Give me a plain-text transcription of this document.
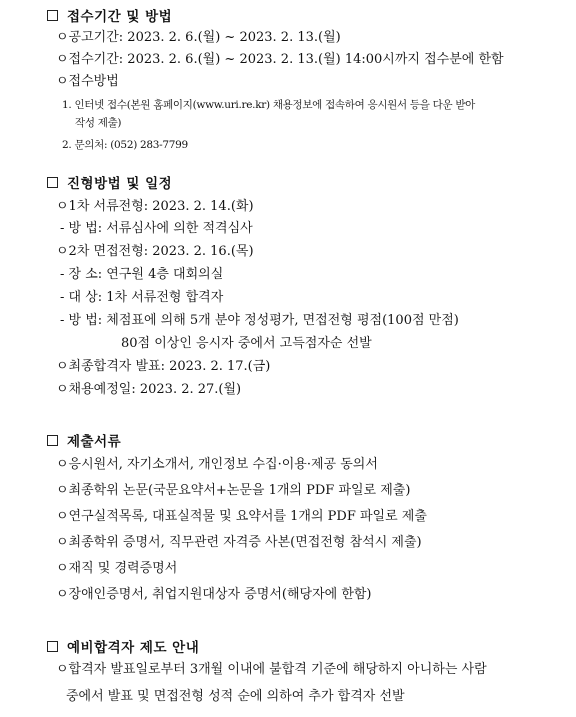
접수기간 및 방법
ㅇ공고기간: 2023. 2. 6.(월) ~ 2023. 2. 13.(월)
ㅇ접수기간: 2023. 2. 6.(월) ~ 2023. 2. 13.(월) 14:00시까지 접수분에 한함
ㅇ접수방법
1. 인터넷 접수(본원 홈페이지(www.uri.re.kr) 채용정보에 접속하여 응시원서 등을 다운 받아
작성 제출)
2. 문의처: (052) 283-7799
진형방법 및 일정
ㅇ1차 서류전형: 2023. 2. 14.(화)
- 방 법: 서류심사에 의한 적격심사
ㅇ2차 면접전형: 2023. 2. 16.(목)
- 장 소: 연구원 4층 대회의실
- 대 상: 1차 서류전형 합격자
- 방 법: 체점표에 의해 5개 분야 정성평가, 면접전형 평점(100점 만점)
80점 이상인 응시자 중에서 고득점자순 선발
ㅇ최종합격자 발표: 2023. 2. 17.(금)
ㅇ채용예정일: 2023. 2. 27.(월)
제출서류
ㅇ응시원서, 자기소개서, 개인정보 수집·이용·제공 동의서
ㅇ최종학위 논문(국문요약서+논문을 1개의 PDF 파일로 제출)
ㅇ연구실적목록, 대표실적물 및 요약서를 1개의 PDF 파일로 제출
ㅇ최종학위 증명서, 직무관련 자격증 사본(면접전형 참석시 제출)
ㅇ재직 및 경력증명서
ㅇ장애인증명서, 취업지원대상자 증명서(해당자에 한함)
예비합격자 제도 안내
ㅇ합격자 발표일로부터 3개월 이내에 불합격 기준에 해당하지 아니하는 사람
중에서 발표 및 면접전형 성적 순에 의하여 추가 합격자 선발
